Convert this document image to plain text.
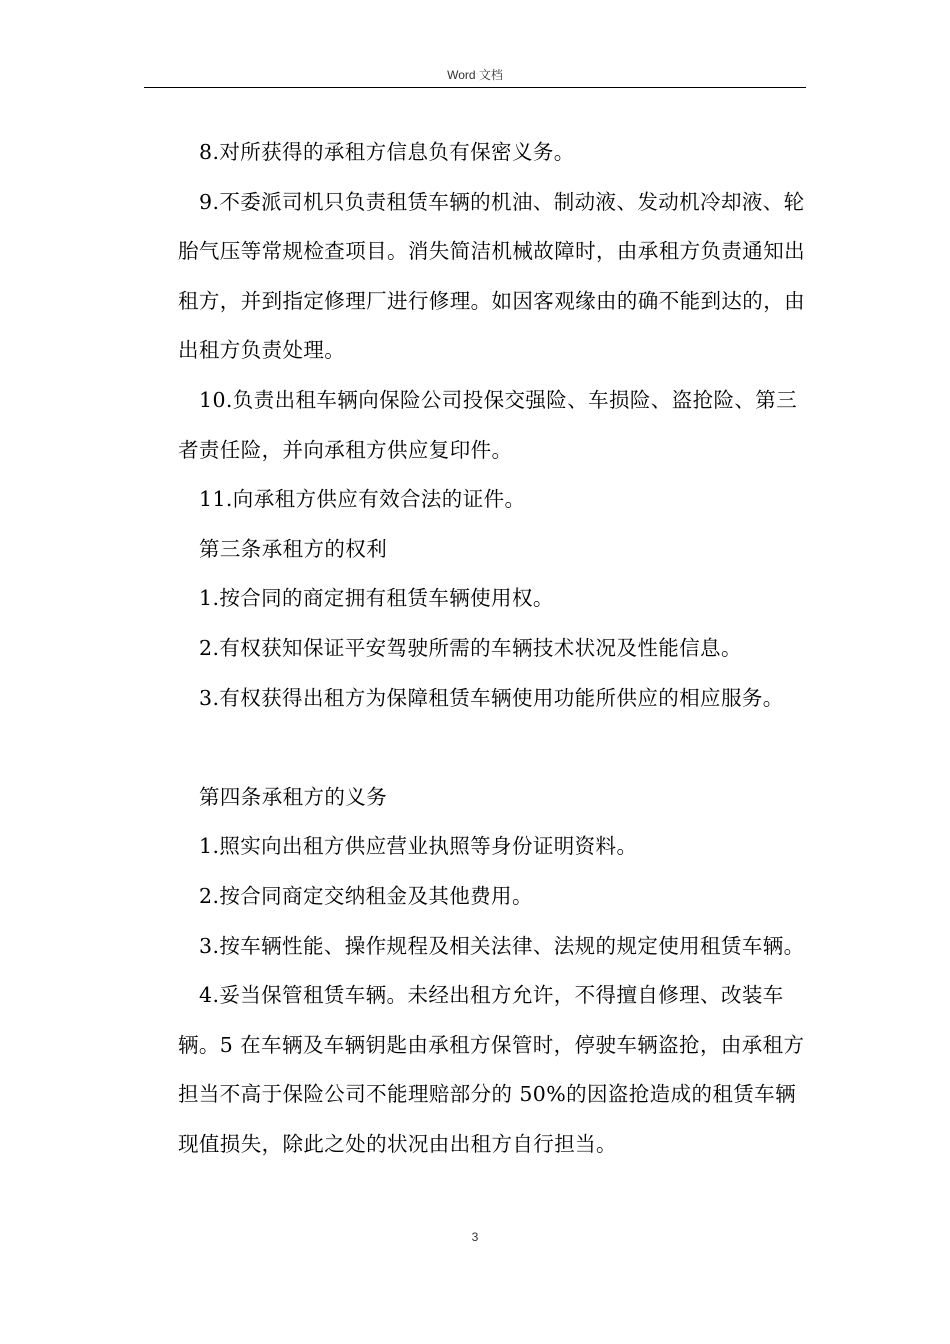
Word 文档

8.对所获得的承租方信息负有保密义务。

9.不委派司机只负责租赁车辆的机油、制动液、发动机冷却液、轮胎气压等常规检查项目。消失简洁机械故障时，由承租方负责通知出租方，并到指定修理厂进行修理。如因客观缘由的确不能到达的，由出租方负责处理。

10.负责出租车辆向保险公司投保交强险、车损险、盗抢险、第三者责任险，并向承租方供应复印件。

11.向承租方供应有效合法的证件。

第三条承租方的权利

1.按合同的商定拥有租赁车辆使用权。

2.有权获知保证平安驾驶所需的车辆技术状况及性能信息。

3.有权获得出租方为保障租赁车辆使用功能所供应的相应服务。

第四条承租方的义务

1.照实向出租方供应营业执照等身份证明资料。

2.按合同商定交纳租金及其他费用。

3.按车辆性能、操作规程及相关法律、法规的规定使用租赁车辆。

4.妥当保管租赁车辆。未经出租方允许，不得擅自修理、改装车辆。5 在车辆及车辆钥匙由承租方保管时，停驶车辆盗抢，由承租方担当不高于保险公司不能理赔部分的 50%的因盗抢造成的租赁车辆现值损失，除此之处的状况由出租方自行担当。

3
